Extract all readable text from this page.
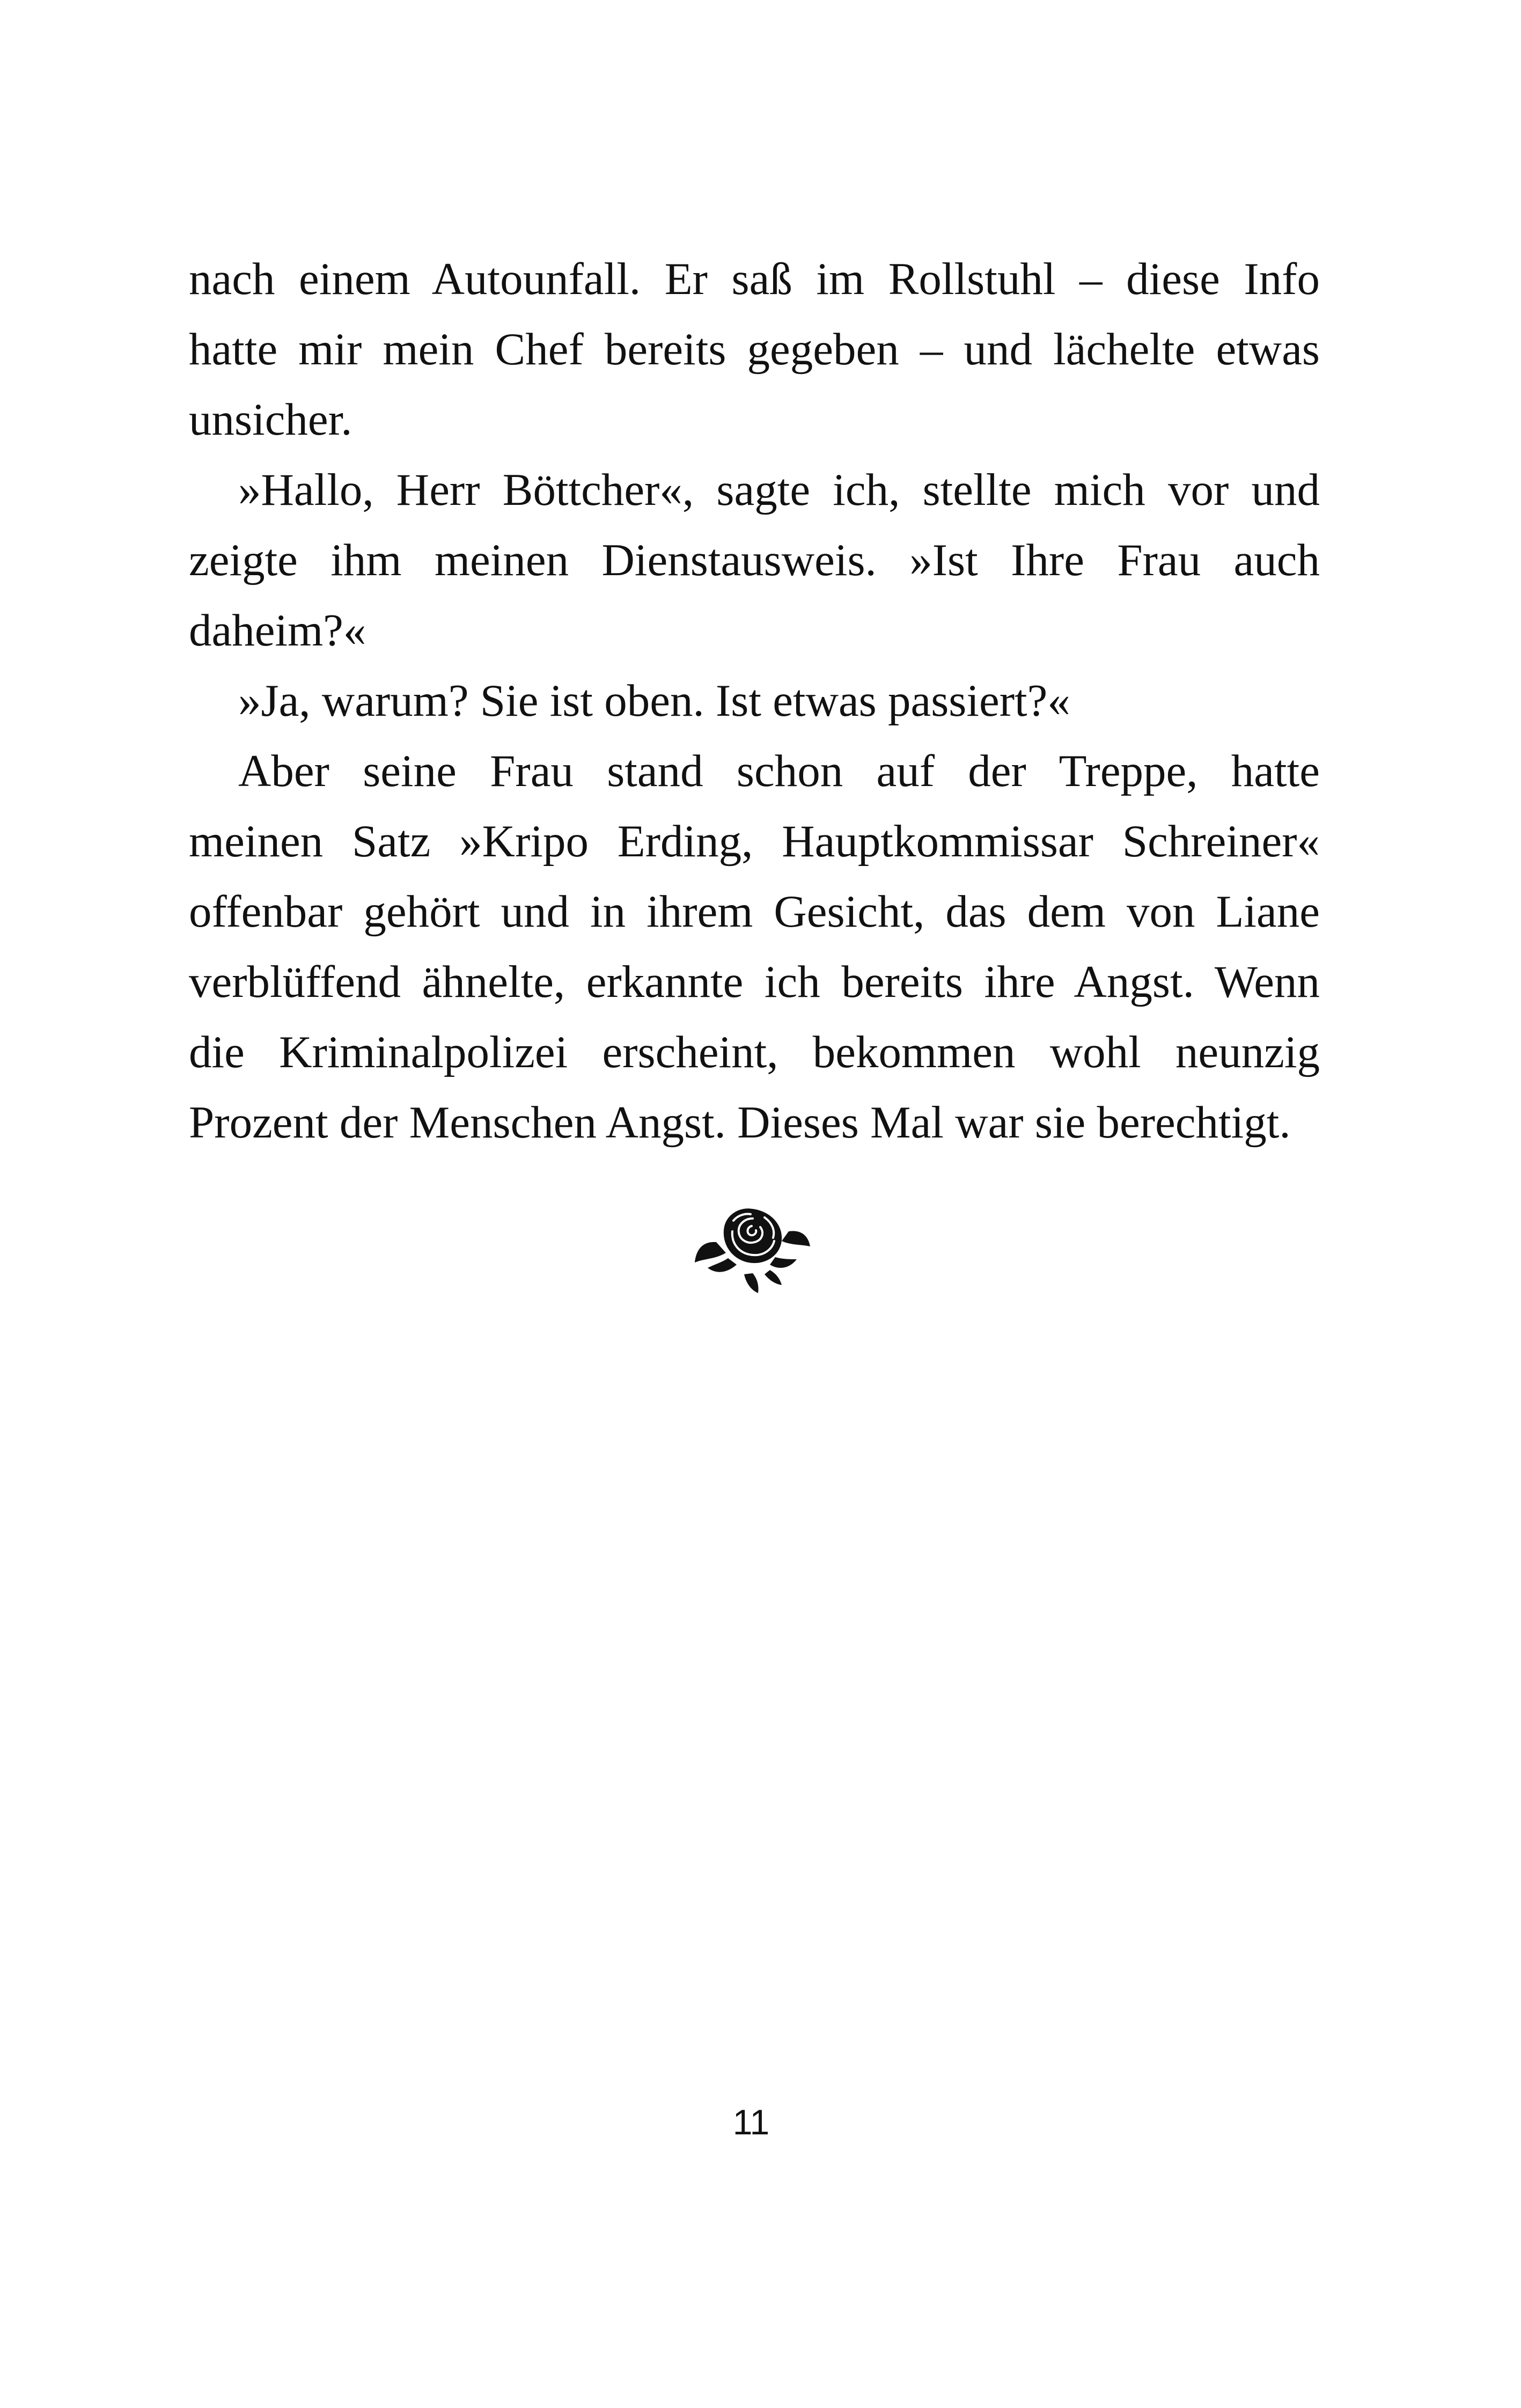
nach einem Autounfall. Er saß im Rollstuhl – diese Info
hatte mir mein Chef bereits gegeben – und lächelte etwas
unsicher.
»Hallo, Herr Böttcher«, sagte ich, stellte mich vor und
zeigte ihm meinen Dienstausweis. »Ist Ihre Frau auch
daheim?«
»Ja, warum? Sie ist oben. Ist etwas passiert?«
Aber seine Frau stand schon auf der Treppe, hatte
meinen Satz »Kripo Erding, Hauptkommissar Schreiner«
offenbar gehört und in ihrem Gesicht, das dem von Liane
verblüffend ähnelte, erkannte ich bereits ihre Angst. Wenn
die Kriminalpolizei erscheint, bekommen wohl neunzig
Prozent der Menschen Angst. Dieses Mal war sie berechtigt.
11
